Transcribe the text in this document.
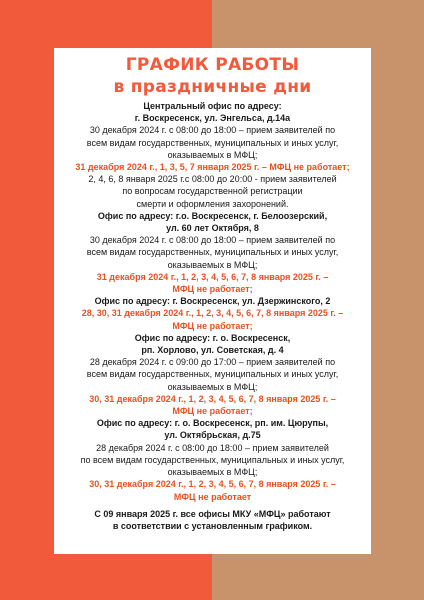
ГРАФИК РАБОТЫ
в праздничные дни
Центральный офис по адресу:
г. Воскресенск, ул. Энгельса, д.14а
30 декабря 2024 г. с 08:00 до 18:00 – прием заявителей по
всем видам государственных, муниципальных и иных услуг,
оказываемых в МФЦ;
31 декабря 2024 г., 1, 3, 5, 7 января 2025 г. – МФЦ не работает;
2, 4, 6, 8 января 2025 г.с 08:00 до 20:00 - прием заявителей
по вопросам государственной регистрации
смерти и оформления захоронений.
Офис по адресу: г.о. Воскресенск, г. Белоозерский,
ул. 60 лет Октября, 8
30 декабря 2024 г. с 08:00 до 18:00 – прием заявителей по
всем видам государственных, муниципальных и иных услуг,
оказываемых в МФЦ;
31 декабря 2024 г., 1, 2, 3, 4, 5, 6, 7, 8 января 2025 г. –
МФЦ не работает;
Офис по адресу: г. Воскресенск, ул. Дзержинского, 2
28, 30, 31 декабря 2024 г., 1, 2, 3, 4, 5, 6, 7, 8 января 2025 г. –
МФЦ не работает;
Офис по адресу: г. о. Воскресенск,
рп. Хорлово, ул. Советская, д. 4
28 декабря 2024 г. с 09:00 до 17:00 – прием заявителей по
всем видам государственных, муниципальных и иных услуг,
оказываемых в МФЦ;
30, 31 декабря 2024 г., 1, 2, 3, 4, 5, 6, 7, 8 января 2025 г. –
МФЦ не работает;
Офис по адресу: г. о. Воскресенск, рп. им. Цюрупы,
ул. Октябрьская, д.75
28 декабря 2024 г. с 08:00 до 18:00 – прием заявителей
по всем видам государственных, муниципальных и иных услуг,
оказываемых в МФЦ;
30, 31 декабря 2024 г., 1, 2, 3, 4, 5, 6, 7, 8 января 2025 г. –
МФЦ не работает
С 09 января 2025 г. все офисы МКУ «МФЦ» работают
в соответствии с установленным графиком.
